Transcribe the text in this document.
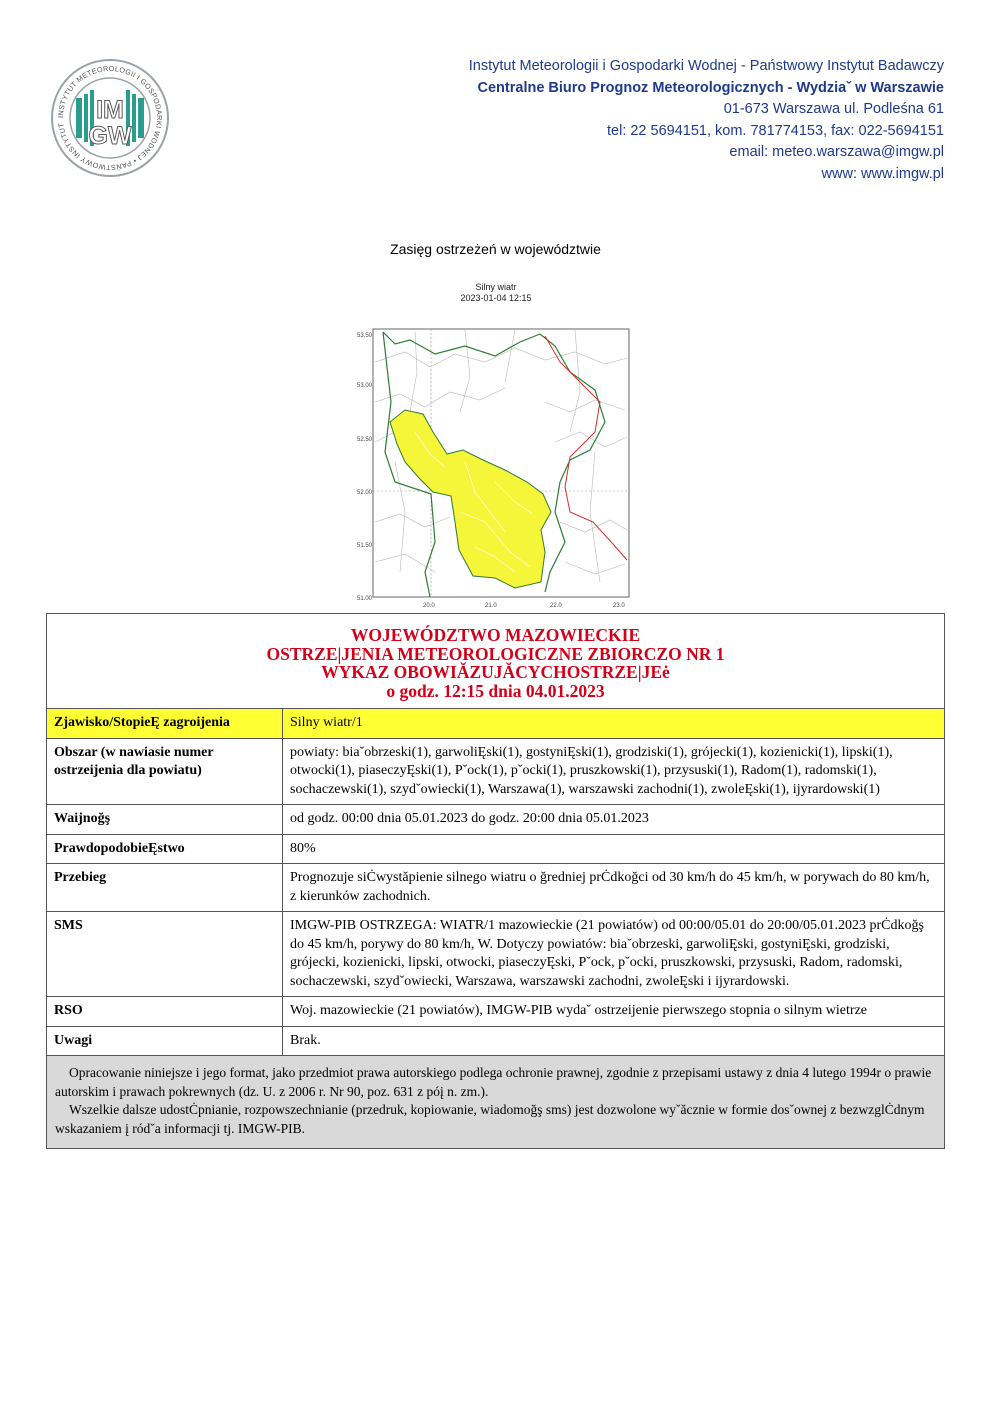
INSTYTUT METEOROLOGII I GOSPODARKI WODNEJ • PAŃSTWOWY INSTYTUT
IM
GW
Instytut Meteorologii i Gospodarki Wodnej - Państwowy Instytut Badawczy
Centralne Biuro Prognoz Meteorologicznych - Wydziaˇ w Warszawie
01-673 Warszawa ul. Podleśna 61
tel: 22 5694151, kom. 781774153, fax: 022-5694151
email: meteo.warszawa@imgw.pl
www: www.imgw.pl
Zasięg ostrzeżeń w województwie
Silny wiatr
2023-01-04 12:15
53.50
53.00
52.50
52.00
51.50
51.00
20.0	21.0	22.0	23.0
WOJEWÓDZTWO MAZOWIECKIE
OSTRZE|JENIA METEOROLOGICZNE ZBIORCZO NR 1
WYKAZ OBOWIĂZUJĂCYCHOSTRZE|JEė
o godz. 12:15 dnia 04.01.2023	

Zjawisko/StopieĘ zagroijenia	Silny wiatr/1
Obszar (w nawiasie numer ostrzeijenia dla powiatu)	powiaty: biaˇobrzeski(1), garwoliĘski(1), gostyniĘski(1), grodziski(1), grójecki(1), kozienicki(1), lipski(1), otwocki(1), piaseczyĘski(1), Pˇock(1), pˇocki(1), pruszkowski(1), przysuski(1), Radom(1), radomski(1), sochaczewski(1), szydˇowiecki(1), Warszawa(1), warszawski zachodni(1), zwoleĘski(1), ijyrardowski(1)
Waijnoğş	od godz. 00:00 dnia 05.01.2023 do godz. 20:00 dnia 05.01.2023
PrawdopodobieĘstwo	80%
Przebieg	Prognozuje siĊwystăpienie silnego wiatru o ğredniej prĊdkoğci od 30 km/h do 45 km/h, w porywach do 80 km/h, z kierunków zachodnich.
SMS	IMGW-PIB OSTRZEGA: WIATR/1 mazowieckie (21 powiatów) od 00:00/05.01 do 20:00/05.01.2023 prĊdkoğş do 45 km/h, porywy do 80 km/h, W. Dotyczy powiatów: biaˇobrzeski, garwoliĘski, gostyniĘski, grodziski, grójecki, kozienicki, lipski, otwocki, piaseczyĘski, Pˇock, pˇocki, pruszkowski, przysuski, Radom, radomski, sochaczewski, szydˇowiecki, Warszawa, warszawski zachodni, zwoleĘski i ijyrardowski.
RSO	Woj. mazowieckie (21 powiatów), IMGW-PIB wydaˇ ostrzeijenie pierwszego stopnia o silnym wietrze
Uwagi	Brak.

Opracowanie niniejsze i jego format, jako przedmiot prawa autorskiego podlega ochronie prawnej, zgodnie z przepisami ustawy z dnia 4 lutego 1994r o prawie autorskim i prawach pokrewnych (dz. U. z 2006 r. Nr 90, poz. 631 z póį n. zm.).

Wszelkie dalsze udostĊpnianie, rozpowszechnianie (przedruk, kopiowanie, wiadomoğş sms) jest dozwolone wyˇăcznie w formie dosˇownej z bezwzglĊdnym wskazaniem į ródˇa informacji tj. IMGW-PIB.	
